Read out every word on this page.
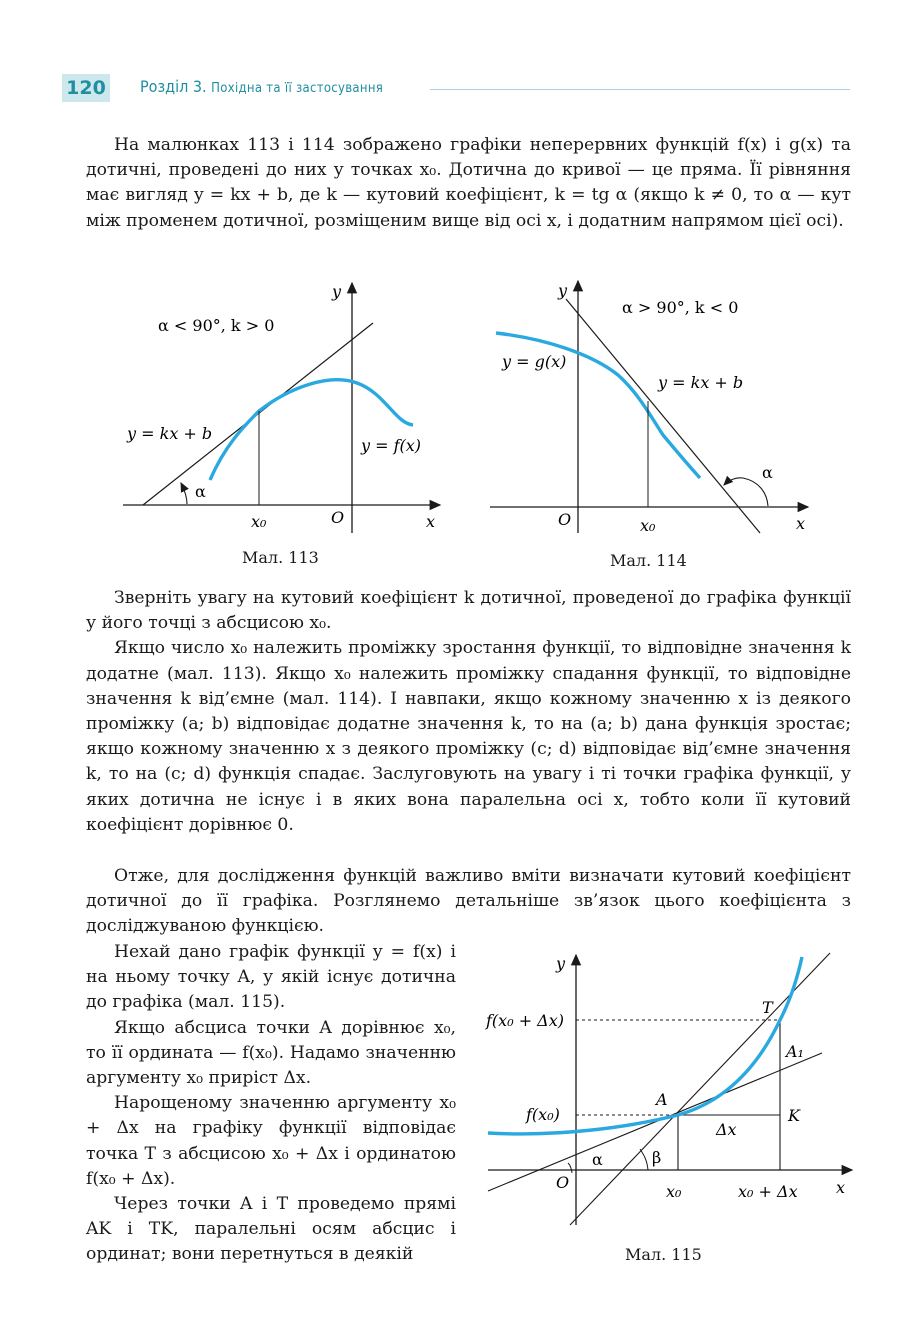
120 Розділ 3. Похідна та її застосування

На малюнках 113 і 114 зображено графіки неперервних функцій f(x) і g(x) та дотичні, проведені до них у точках x₀. Дотична до кривої — це пряма. Її рівняння має вигляд y = kx + b, де k — кутовий коефіцієнт, k = tg α (якщо k ≠ 0, то α — кут між променем дотичної, розміщеним вище від осі x, і додатним напрямом цієї осі).

α < 90°, k > 0
y = kx + b
y = f(x)
α
x₀	O	x
y
Мал. 113
α > 90°, k < 0
y = g(x)
y = kx + b
α
x₀
O	x
y
Мал. 114
Зверніть увагу на кутовий коефіцієнт k дотичної, проведеної до графіка функції у його точці з абсцисою x₀.
Якщо число x₀ належить проміжку зростання функції, то відповідне значення k додатне (мал. 113). Якщо x₀ належить проміжку спадання функції, то відповідне значення k від’ємне (мал. 114). І навпаки, якщо кожному значенню x із деякого проміжку (a; b) відповідає додатне значення k, то на (a; b) дана функція зростає; якщо кожному значенню x з деякого проміжку (c; d) відповідає від’ємне значення k, то на (c; d) функція спадає. Заслуговують на увагу і ті точки графіка функції, у яких дотична не існує і в яких вона паралельна осі x, тобто коли її кутовий коефіцієнт дорівнює 0.

Отже, для дослідження функцій важливо вміти визначати кутовий коефіцієнт дотичної до її графіка. Розглянемо детальніше зв’язок цього коефіцієнта з досліджуваною функцією.

Нехай дано графік функції y = f(x) і на ньому точку A, у якій існує дотична до графіка (мал. 115).
Якщо абсциса точки A дорівнює x₀, то її ордината — f(x₀). Надамо значенню аргументу x₀ приріст Δx.
Нарощеному значенню аргументу x₀ + Δx на графіку функції відповідає точка T з абсцисою x₀ + Δx і ординатою f(x₀ + Δx).
Через точки A і T проведемо прямі AK і TK, паралельні осям абсцис і ординат; вони перетнуться в деякій
f(x₀ + Δx)
f(x₀)
A
T
A₁
K
Δx
α	β
O	x₀	x₀ + Δx x
y
Мал. 115
